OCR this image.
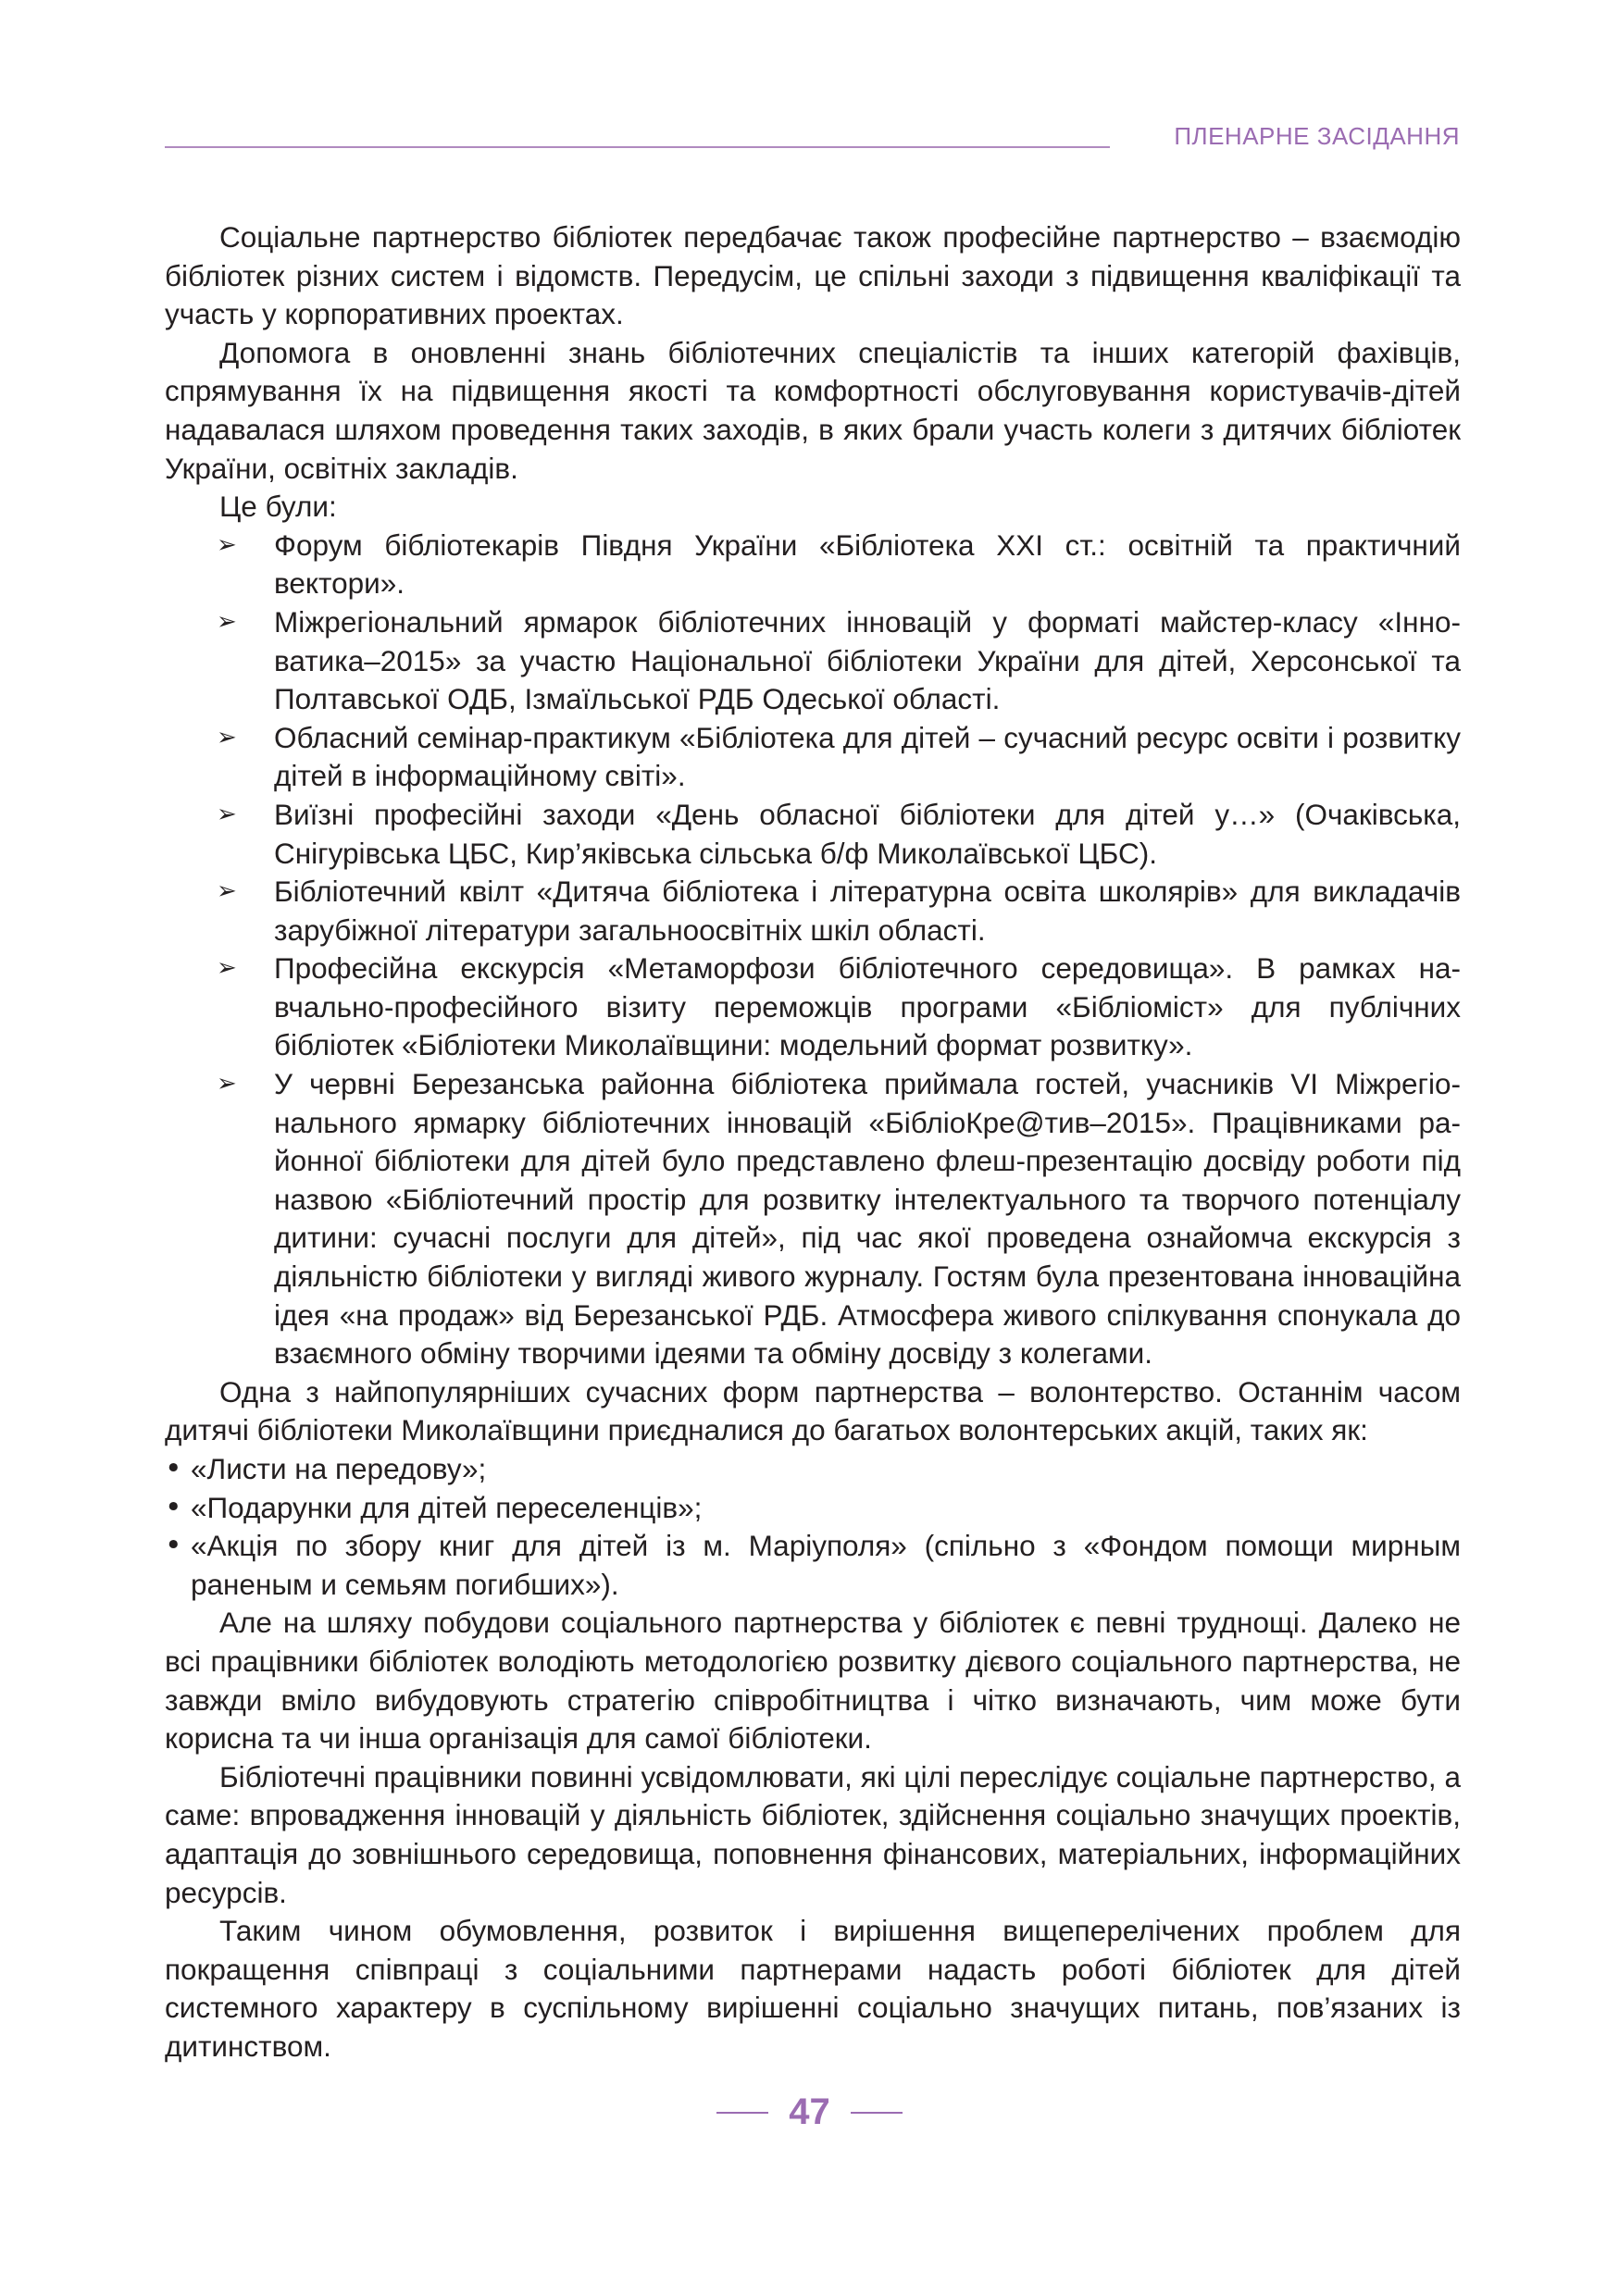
ПЛЕНАРНЕ ЗАСІДАННЯ

Соціальне партнерство бібліотек передбачає також професійне партнерство – взаємодію бібліотек різних систем і відомств. Передусім, це спільні заходи з підвищення кваліфікації та участь у корпоративних проектах.

Допомога в оновленні знань бібліотечних спеціалістів та інших категорій фахівців, спрямування їх на підвищення якості та комфортності обслуговування користувачів-дітей надавалася шляхом проведення таких заходів, в яких брали участь колеги з дитячих бібліотек України, освітніх закладів.

Це були:

➢ Форум бібліотекарів Півдня України «Бібліотека XXI ст.: освітній та практичний вектори».
➢ Міжрегіональний ярмарок бібліотечних інновацій у форматі майстер-класу «Інноватика–2015» за участю Національної бібліотеки України для дітей, Херсонської та Полтавської ОДБ, Ізмаїльської РДБ Одеської області.
➢ Обласний семінар-практикум «Бібліотека для дітей – сучасний ресурс освіти і розвитку дітей в інформаційному світі».
➢ Виїзні професійні заходи «День обласної бібліотеки для дітей у…» (Очаківська, Снігурівська ЦБС, Кир’яківська сільська б/ф Миколаївської ЦБС).
➢ Бібліотечний квілт «Дитяча бібліотека і літературна освіта школярів» для викладачів зарубіжної літератури загальноосвітніх шкіл області.
➢ Професійна екскурсія «Метаморфози бібліотечного середовища». В рамках навчально-професійного візиту переможців програми «Бібліоміст» для публічних бібліотек «Бібліотеки Миколаївщини: модельний формат розвитку».
➢ У червні Березанська районна бібліотека приймала гостей, учасників VI Міжрегіонального ярмарку бібліотечних інновацій «БібліоКре@тив–2015». Працівниками районної бібліотеки для дітей було представлено флеш-презентацію досвіду роботи під назвою «Бібліотечний простір для розвитку інтелектуального та творчого потенціалу дитини: сучасні послуги для дітей», під час якої проведена ознайомча екскурсія з діяльністю бібліотеки у вигляді живого журналу. Гостям була презентована інноваційна ідея «на продаж» від Березанської РДБ. Атмосфера живого спілкування спонукала до взаємного обміну творчими ідеями та обміну досвіду з колегами.

Одна з найпопулярніших сучасних форм партнерства – волонтерство. Останнім часом дитячі бібліотеки Миколаївщини приєдналися до багатьох волонтерських акцій, таких як:

• «Листи на передову»;
• «Подарунки для дітей переселенців»;
• «Акція по збору книг для дітей із м. Маріуполя» (спільно з «Фондом помощи мирным раненым и семьям погибших»).

Але на шляху побудови соціального партнерства у бібліотек є певні труднощі. Далеко не всі працівники бібліотек володіють методологією розвитку дієвого соціального партнерства, не завжди вміло вибудовують стратегію співробітництва і чітко визначають, чим може бути корисна та чи інша організація для самої бібліотеки.

Бібліотечні працівники повинні усвідомлювати, які цілі переслідує соціальне партнерство, а саме: впровадження інновацій у діяльність бібліотек, здійснення соціально значущих проектів, адаптація до зовнішнього середовища, поповнення фінансових, матеріальних, інформаційних ресурсів.

Таким чином обумовлення, розвиток і вирішення вищеперелічених проблем для покращення співпраці з соціальними партнерами надасть роботі бібліотек для дітей системного характеру в суспільному вирішенні соціально значущих питань, пов’язаних із дитинством.

47
